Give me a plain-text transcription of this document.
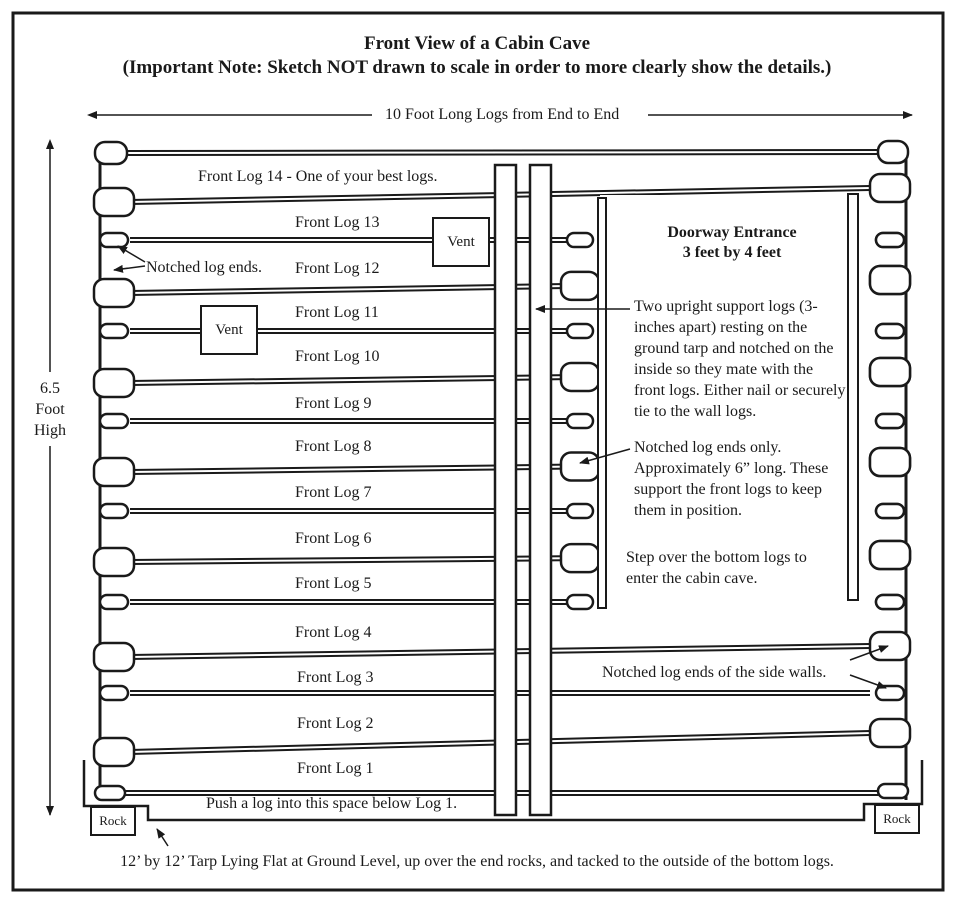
Front View of a Cabin Cave
(Important Note: Sketch NOT drawn to scale in order to more clearly show the details.)
10 Foot Long Logs from End to End
6.5
Foot
High
Front Log 14 - One of your best logs.
Front Log 13
Front Log 12
Front Log 11
Front Log 10
Front Log 9
Front Log 8
Front Log 7
Front Log 6
Front Log 5
Front Log 4
Front Log 3
Front Log 2
Front Log 1
Vent
Vent
Notched log ends.
Doorway Entrance
3 feet by 4 feet
Two upright support logs (3-inches apart) resting on the ground tarp and notched on the inside so they mate with the front logs. Either nail or securely tie to the wall logs.
Notched log ends only. Approximately 6” long. These support the front logs to keep them in position.
Step over the bottom logs to enter the cabin cave.
Notched log ends of the side walls.
Push a log into this space below Log 1.
Rock	Rock
12’ by 12’ Tarp Lying Flat at Ground Level, up over the end rocks, and tacked to the outside of the bottom logs.
